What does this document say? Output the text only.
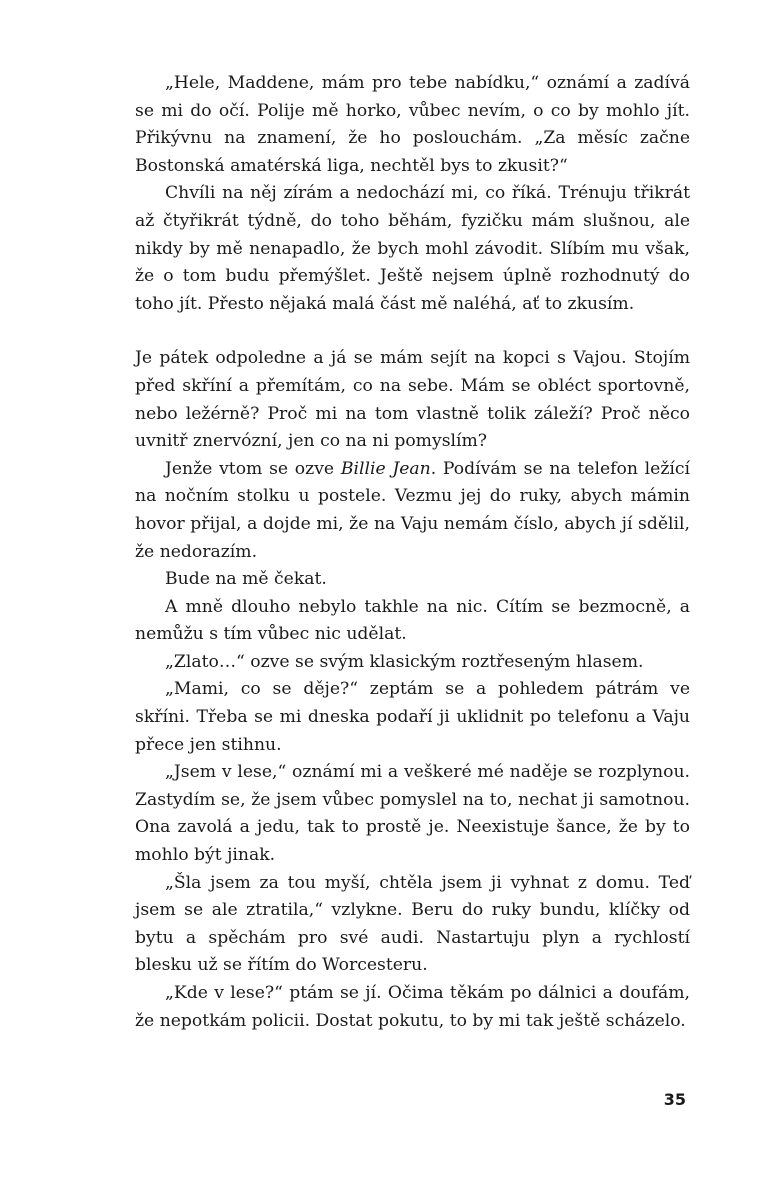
„Hele, Maddene, mám pro tebe nabídku,“ oznámí a zadívá se mi do očí. Polije mě horko, vůbec nevím, o co by mohlo jít. Přikývnu na znamení, že ho poslouchám. „Za měsíc začne Bostonská amatérská liga, nechtěl bys to zkusit?“

Chvíli na něj zírám a nedochází mi, co říká. Trénuju třikrát až čtyřikrát týdně, do toho běhám, fyzičku mám slušnou, ale nikdy by mě nenapadlo, že bych mohl závodit. Slíbím mu však, že o tom budu přemýšlet. Ještě nejsem úplně rozhodnutý do toho jít. Přesto nějaká malá část mě naléhá, ať to zkusím.

Je pátek odpoledne a já se mám sejít na kopci s Vajou. Stojím před skříní a přemítám, co na sebe. Mám se obléct sportovně, nebo ležérně? Proč mi na tom vlastně tolik záleží? Proč něco uvnitř znervózní, jen co na ni pomyslím?

Jenže vtom se ozve Billie Jean. Podívám se na telefon ležící na nočním stolku u postele. Vezmu jej do ruky, abych mámin hovor přijal, a dojde mi, že na Vaju nemám číslo, abych jí sdělil, že nedorazím.

Bude na mě čekat.

A mně dlouho nebylo takhle na nic. Cítím se bezmocně, a nemůžu s tím vůbec nic udělat.

„Zlato…“ ozve se svým klasickým roztřeseným hlasem.

„Mami, co se děje?“ zeptám se a pohledem pátrám ve skříni. Třeba se mi dneska podaří ji uklidnit po telefonu a Vaju přece jen stihnu.

„Jsem v lese,“ oznámí mi a veškeré mé naděje se rozplynou. Zastydím se, že jsem vůbec pomyslel na to, nechat ji samotnou. Ona zavolá a jedu, tak to prostě je. Neexistuje šance, že by to mohlo být jinak.

„Šla jsem za tou myší, chtěla jsem ji vyhnat z domu. Teď jsem se ale ztratila,“ vzlykne. Beru do ruky bundu, klíčky od bytu a spěchám pro své audi. Nastartuju plyn a rychlostí blesku už se řítím do Worcesteru.

„Kde v lese?“ ptám se jí. Očima těkám po dálnici a doufám, že nepotkám policii. Dostat pokutu, to by mi tak ještě scházelo.

35
